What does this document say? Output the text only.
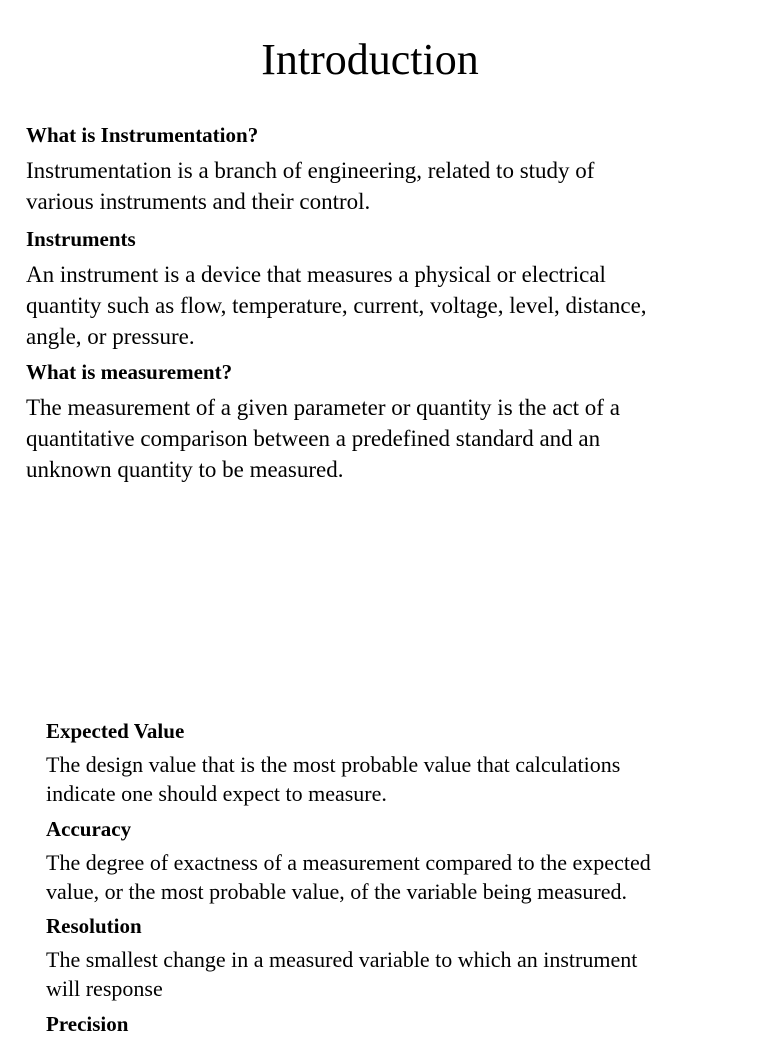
Introduction

What is Instrumentation?

Instrumentation is a branch of engineering, related to study of

various instruments and their control.

Instruments

An instrument is a device that measures a physical or electrical

quantity such as flow, temperature, current, voltage, level, distance,

angle, or pressure.

What is measurement?

The measurement of a given parameter or quantity is the act of a

quantitative comparison between a predefined standard and an

unknown quantity to be measured.

Expected Value

The design value that is the most probable value that calculations

indicate one should expect to measure.

Accuracy

The degree of exactness of a measurement compared to the expected

value, or the most probable value, of the variable being measured.

Resolution

The smallest change in a measured variable to which an instrument

will response

Precision
